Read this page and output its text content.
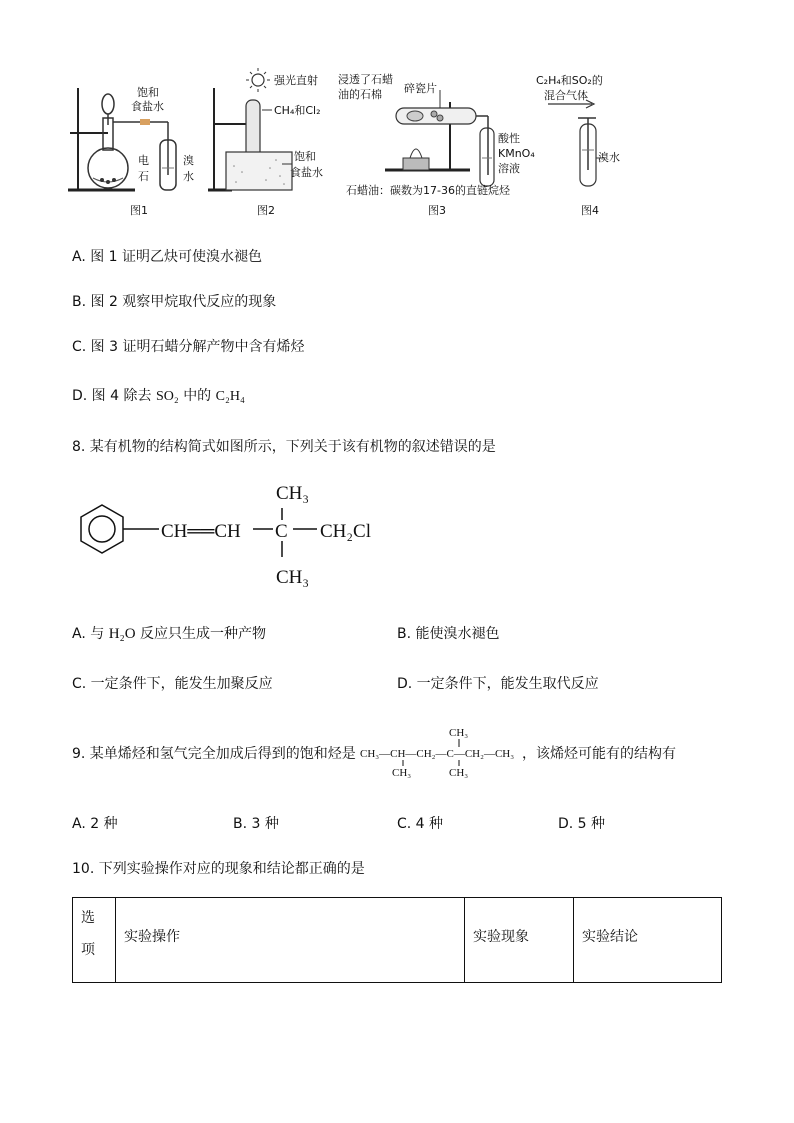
饱和
食盐水
电
石
溴
水
图1
强光直射
CH₄和Cl₂
饱和
食盐水
图2
浸透了石蜡
油的石棉 碎瓷片
酸性
KMnO₄
溶液
石蜡油：碳数为17-36的直链烷烃
图3
C₂H₄和SO₂的
混合气体
溴水
图4
A. 图 1 证明乙炔可使溴水褪色
B. 图 2 观察甲烷取代反应的现象
C. 图 3 证明石蜡分解产物中含有烯烃
D. 图 4 除去 SO₂ 中的 C₂H₄
8. 某有机物的结构简式如图所示，下列关于该有机物的叙述错误的是
CH══CH C
CH₃
CH₃
CH₂Cl
A. 与 H₂O 反应只生成一种产物	B. 能使溴水褪色
C. 一定条件下，能发生加聚反应	D. 一定条件下，能发生取代反应
9. 某单烯烃和氢气完全加成后得到的饱和烃是 CH₃—CH—CH₂—C—CH₂—CH₃
CH₃
CH₃
CH₃
，该烯烃可能有的结构有
A. 2 种	B. 3 种	C. 4 种	D. 5 种
10. 下列实验操作对应的现象和结论都正确的是
选
项
	实验操作	实验现象	实验结论
